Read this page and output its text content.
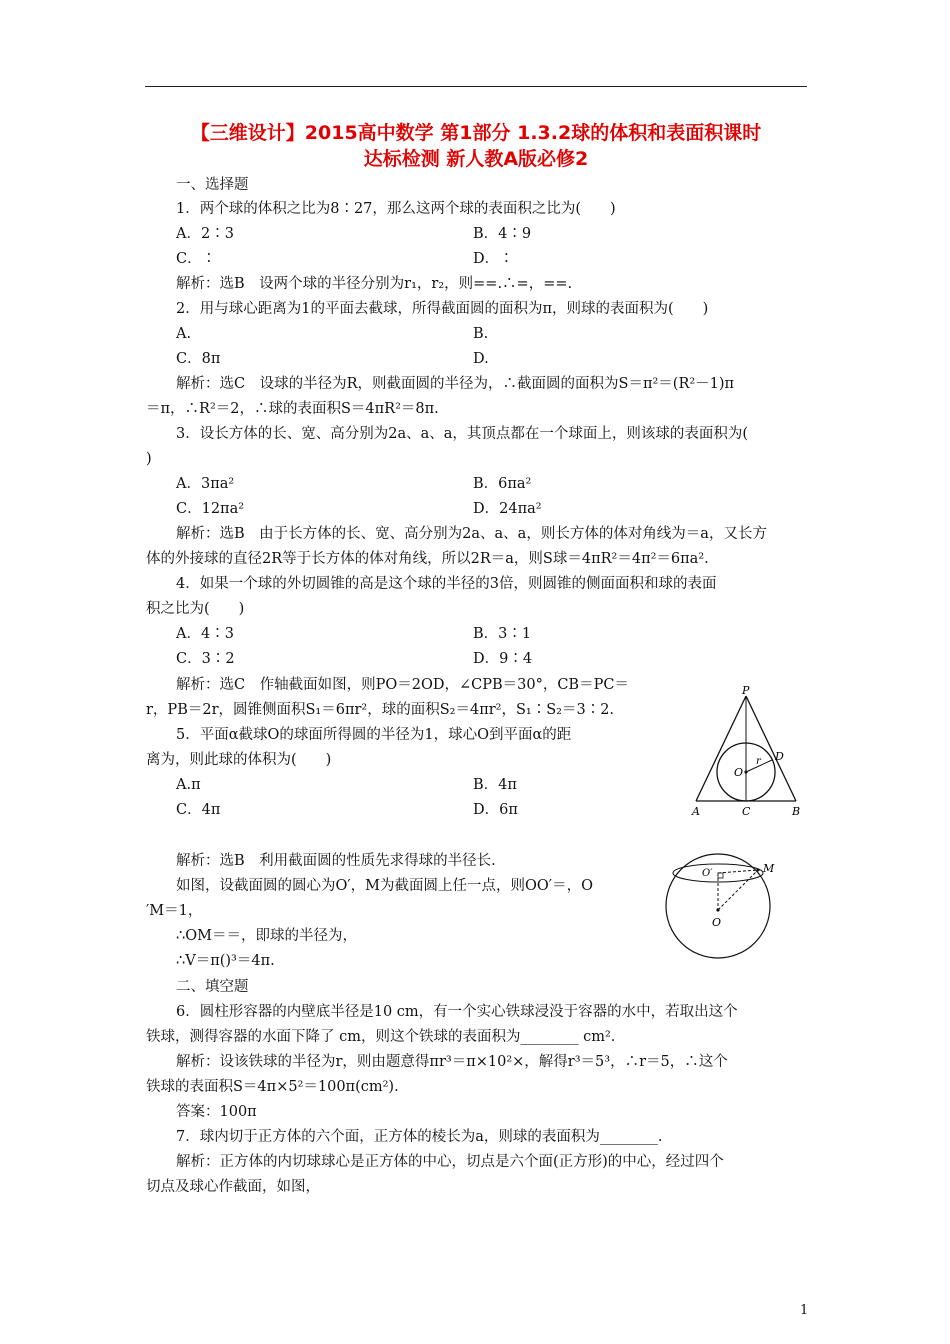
【三维设计】2015高中数学 第1部分 1.3.2球的体积和表面积课时
达标检测 新人教A版必修2
一、选择题
1．两个球的体积之比为8∶27，那么这两个球的表面积之比为(　　)
A．2∶3	B．4∶9
C．∶	D．∶
解析：选B　设两个球的半径分别为r₁，r₂，则==.∴=，==.
2．用与球心距离为1的平面去截球，所得截面圆的面积为π，则球的表面积为(　　)
A.	B.
C．8π	D.
解析：选C　设球的半径为R，则截面圆的半径为，∴截面圆的面积为S＝π²＝(R²－1)π
＝π，∴R²＝2，∴球的表面积S＝4πR²＝8π.
3．设长方体的长、宽、高分别为2a、a、a，其顶点都在一个球面上，则该球的表面积为(
)
A．3πa²	B．6πa²
C．12πa²	D．24πa²
解析：选B　由于长方体的长、宽、高分别为2a、a、a，则长方体的体对角线为＝a，又长方
体的外接球的直径2R等于长方体的体对角线，所以2R＝a，则S球＝4πR²＝4π²＝6πa².
4．如果一个球的外切圆锥的高是这个球的半径的3倍，则圆锥的侧面面积和球的表面
积之比为(　　)
A．4∶3	B．3∶1
C．3∶2	D．9∶4
解析：选C　作轴截面如图，则PO＝2OD，∠CPB＝30°，CB＝PC＝
r，PB＝2r，圆锥侧面积S₁＝6πr²，球的面积S₂＝4πr²，S₁∶S₂＝3∶2.
5．平面α截球O的球面所得圆的半径为1，球心O到平面α的距
离为，则此球的体积为(　　)
A.π	B．4π
C．4π	D．6π
解析：选B　利用截面圆的性质先求得球的半径长.
如图，设截面圆的圆心为O′，M为截面圆上任一点，则OO′＝，O
′M＝1，
∴OM＝＝，即球的半径为，
∴V＝π()³＝4π.
二、填空题
6．圆柱形容器的内壁底半径是10 cm，有一个实心铁球浸没于容器的水中，若取出这个
铁球，测得容器的水面下降了 cm，则这个铁球的表面积为________ cm².
解析：设该铁球的半径为r，则由题意得πr³＝π×10²×，解得r³＝5³，∴r＝5，∴这个
铁球的表面积S＝4π×5²＝100π(cm²).
答案：100π
7．球内切于正方体的六个面，正方体的棱长为a，则球的表面积为________.
解析：正方体的内切球球心是正方体的中心，切点是六个面(正方形)的中心，经过四个
切点及球心作截面，如图，
P
D
O
r
A	C	B
O′	M
O
1
